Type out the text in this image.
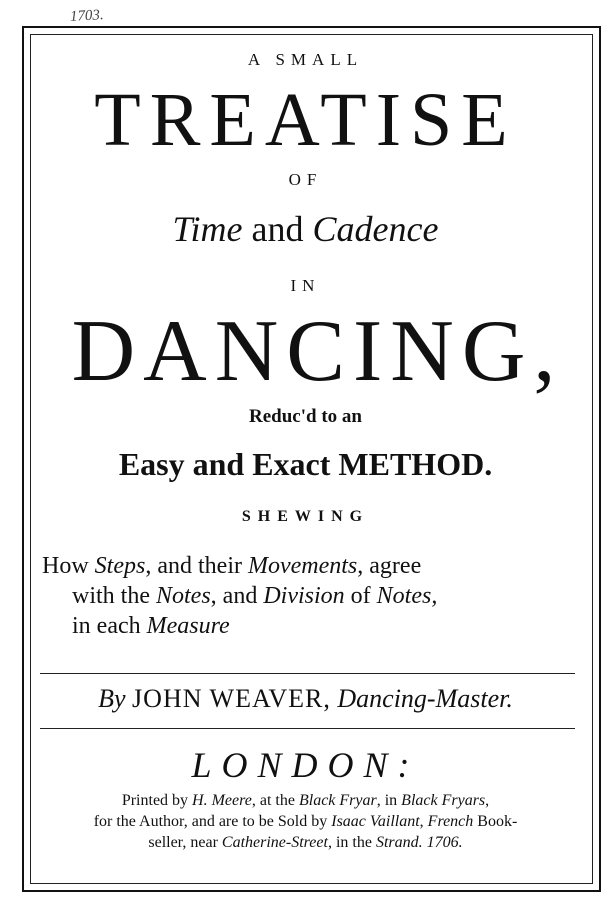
1703.
A SMALL
TREATISE
OF
Time and Cadence
IN
DANCING,
Reduc'd to an
Easy and Exact METHOD.
SHEWING
How Steps, and their Movements, agree
with the Notes, and Division of Notes,
in each Measure
By JOHN WEAVER, Dancing-Master.
LONDON:
Printed by H. Meere, at the Black Fryar, in Black Fryars,
for the Author, and are to be Sold by Isaac Vaillant, French Book-
seller, near Catherine-Street, in the Strand. 1706.
